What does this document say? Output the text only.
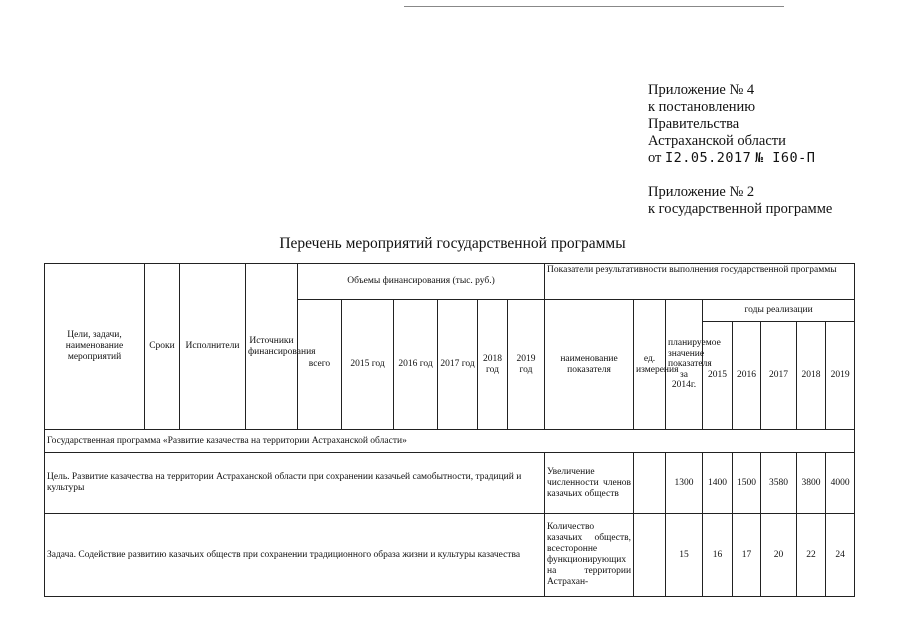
Приложение № 4
к постановлению
Правительства
Астраханской области
от I2.05.2017 № I60-П
Приложение № 2
к государственной программе
Перечень мероприятий государственной программы
Цели, задачи, наименование мероприятий	Сроки	Исполнители	Источники финансирования	Объемы финансирования (тыс. руб.)						Показатели результативности выполнения государственной программы							
				всего	2015 год	2016 год	2017 год	2018 год	2019 год	наименование показателя	ед. измерения	планируемое значение показателя за 2014г.	годы реализации				
													2015	2016	2017	2018	2019
Государственная программа «Развитие казачества на территории Астраханской области»																	
Цель. Развитие казачества на территории Астраханской области при сохранении казачьей самобытности, традиций и культуры										Увеличение численности членов казачьих обществ		1300	1400	1500	3580	3800	4000
Задача. Содействие развитию казачьих обществ при сохранении традиционного образа жизни и культуры казачества										Количество казачьих обществ, всесторонне функционирующих на территории Астрахан-		15	16	17	20	22	24
